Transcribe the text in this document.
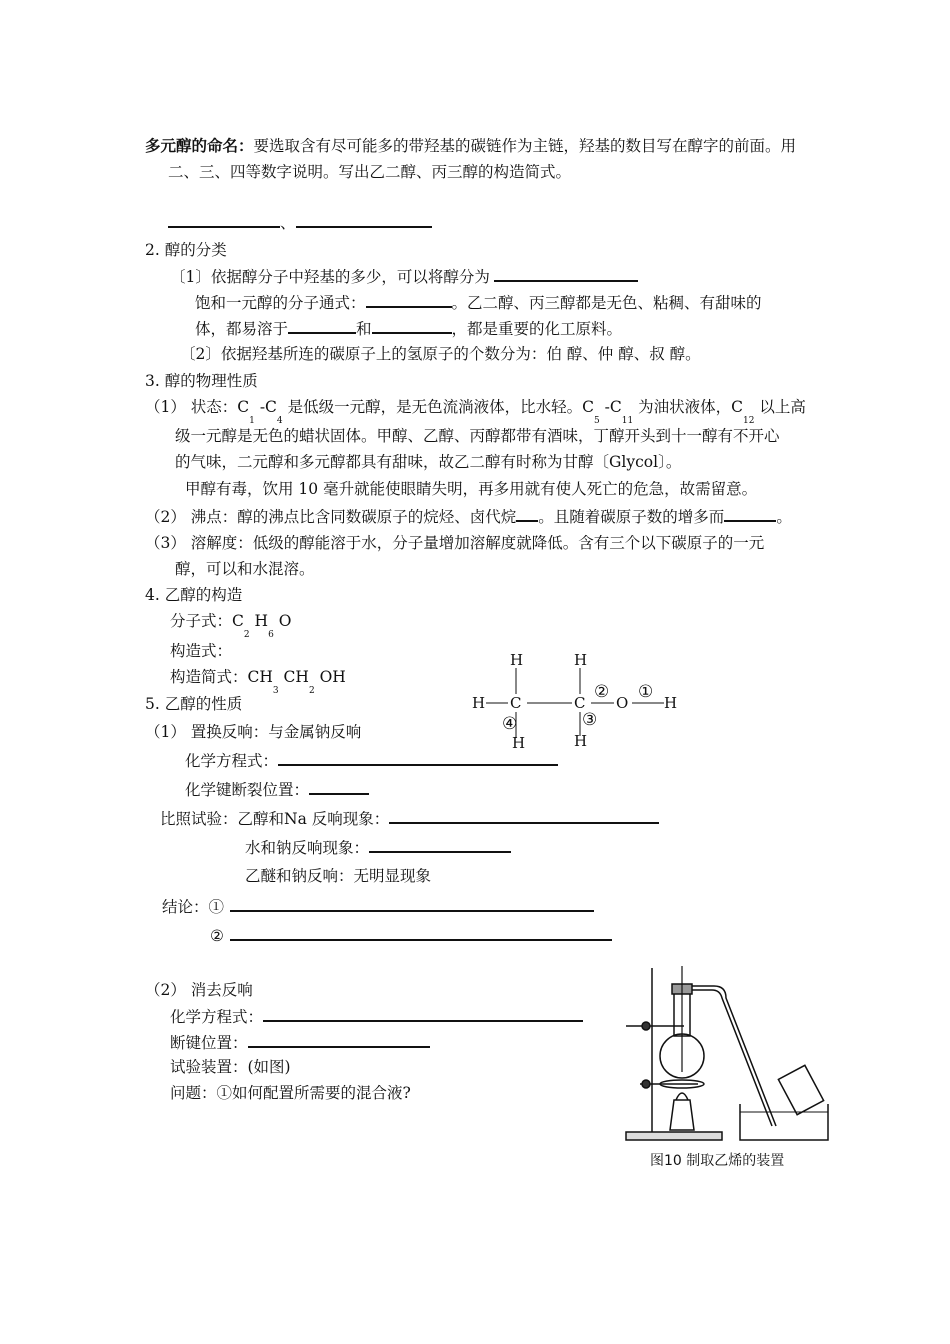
多元醇的命名：要选取含有尽可能多的带羟基的碳链作为主链，羟基的数目写在醇字的前面。用
二、三、四等数字说明。写出乙二醇、丙三醇的构造简式。
、
2. 醇的分类
〔1〕依据醇分子中羟基的多少，可以将醇分为
饱和一元醇的分子通式：	。乙二醇、丙三醇都是无色、粘稠、有甜味的
体，都易溶于	和	，都是重要的化工原料。
〔2〕依据羟基所连的碳原子上的氢原子的个数分为：伯 醇、仲 醇、叔 醇。
3. 醇的物理性质
（1） 状态：$C_1$ $-C_4$ 是低级一元醇，是无色流淌液体，比水轻。$C_5$ $-C_{11}$ 为油状液体，$C_{12}$ 以上高
级一元醇是无色的蜡状固体。甲醇、乙醇、丙醇都带有酒味，丁醇开头到十一醇有不开心
的气味，二元醇和多元醇都具有甜味，故乙二醇有时称为甘醇〔Glycol〕。
甲醇有毒，饮用 10 毫升就能使眼睛失明，再多用就有使人死亡的危急，故需留意。
（2） 沸点：醇的沸点比含同数碳原子的烷烃、卤代烷 。且随着碳原子数的增多而	。
（3） 溶解度：低级的醇能溶于水，分子量增加溶解度就降低。含有三个以下碳原子的一元
醇，可以和水混溶。
4. 乙醇的构造
分子式：$C_2$ $H_6$ O
构造式：
构造简式：$CH_3$ $CH_2$ OH
H	H
H C	C O H
H	H
② ①
③
④
5. 乙醇的性质
（1） 置换反响：与金属钠反响
化学方程式：
化学键断裂位置：
比照试验：乙醇和Na 反响现象：
水和钠反响现象：
乙醚和钠反响：无明显现象
结论：①
②
（2） 消去反响
化学方程式：
断键位置：
试验装置：(如图)
问题：①如何配置所需要的混合液?
图10 制取乙烯的装置
